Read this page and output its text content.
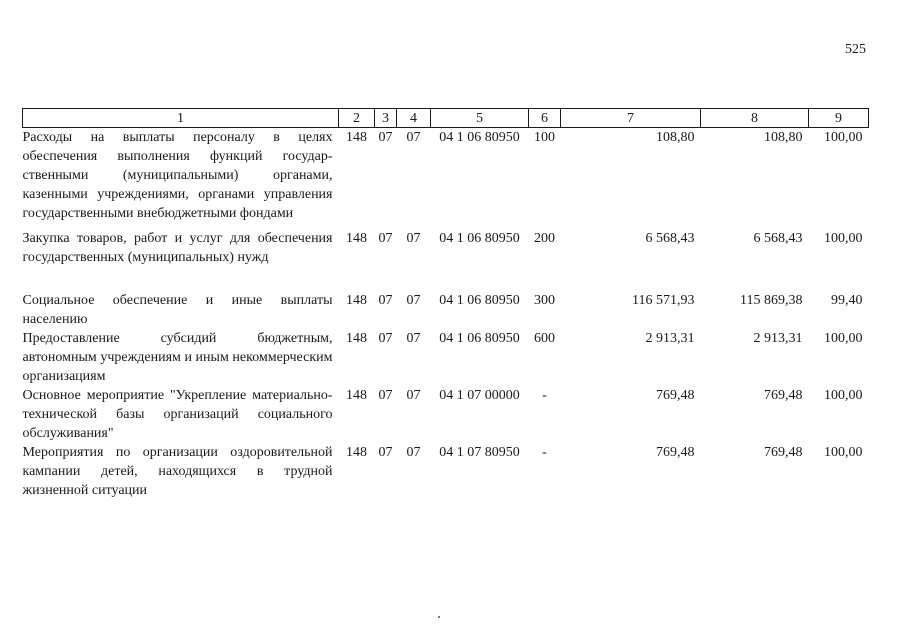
525
1	2	3	4	5	6	7	8	9
Расходы на выплаты персоналу в целях обеспечения выполнения функций государственными (муниципальными) органами, казенными учреждениями, органами управления государственными внебюджетными фондами	148	07	07	04 1 06 80950	100	108,80	108,80	100,00

Закупка товаров, работ и услуг для обеспечения государственных (муниципальных) нужд	148	07	07	04 1 06 80950	200	6 568,43	6 568,43	100,00
Социальное обеспечение и иные выплаты населению	148	07	07	04 1 06 80950	300	116 571,93	115 869,38	99,40
Предоставление субсидий бюджетным, автономным учреждениям и иным некоммерческим организациям	148	07	07	04 1 06 80950	600	2 913,31	2 913,31	100,00
Основное мероприятие "Укрепление материально-технической базы организаций социального обслуживания"	148	07	07	04 1 07 00000	-	769,48	769,48	100,00
Мероприятия по организации оздоровительной кампании детей, находящихся в трудной жизненной ситуации	148	07	07	04 1 07 80950	-	769,48	769,48	100,00
